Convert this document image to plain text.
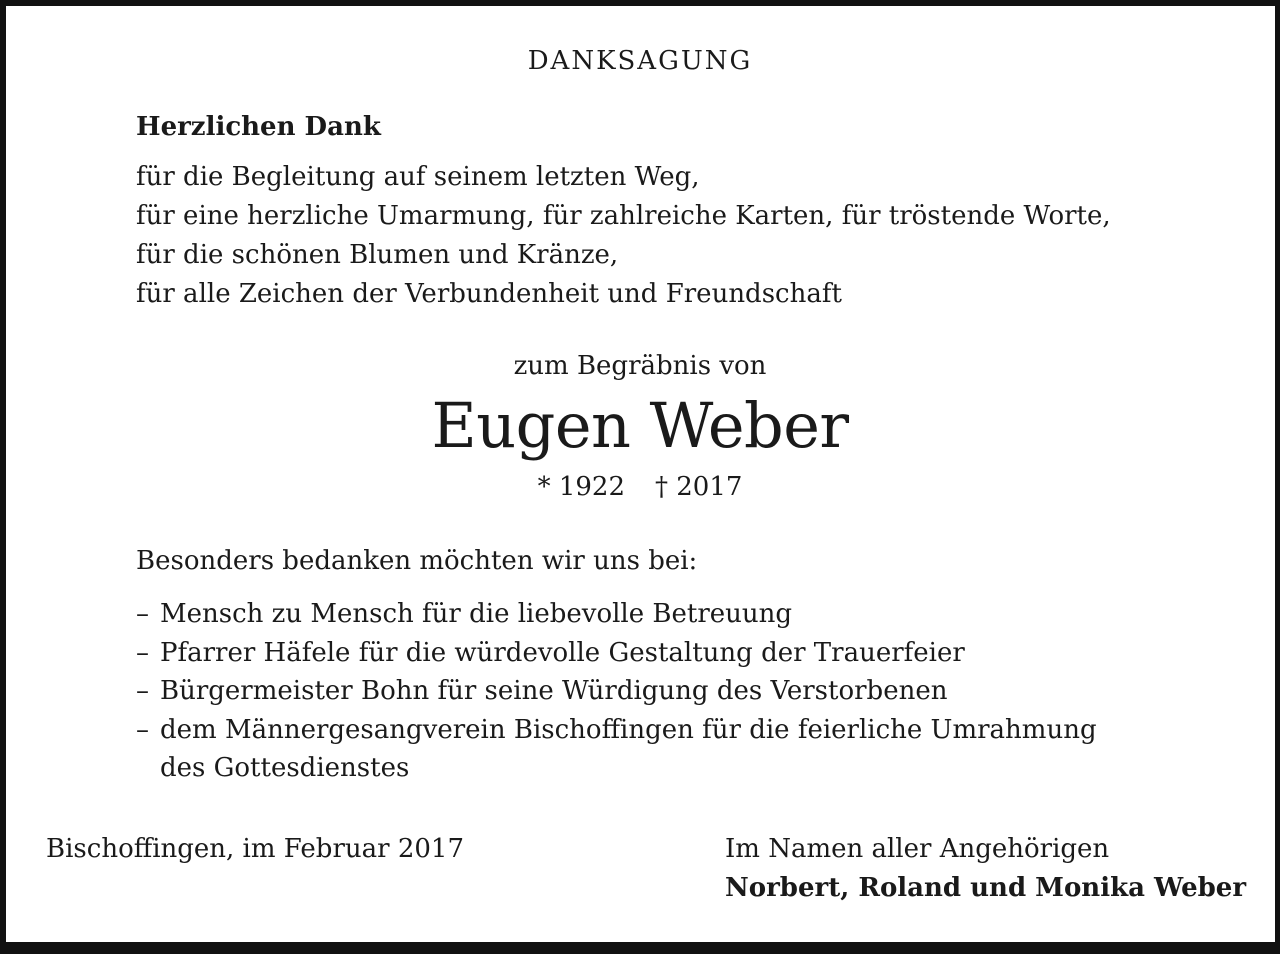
DANKSAGUNG
Herzlichen Dank
für die Begleitung auf seinem letzten Weg,
für eine herzliche Umarmung, für zahlreiche Karten, für tröstende Worte,
für die schönen Blumen und Kränze,
für alle Zeichen der Verbundenheit und Freundschaft
zum Begräbnis von
Eugen Weber
* 1922 † 2017
Besonders bedanken möchten wir uns bei:
– Mensch zu Mensch für die liebevolle Betreuung
– Pfarrer Häfele für die würdevolle Gestaltung der Trauerfeier
– Bürgermeister Bohn für seine Würdigung des Verstorbenen
– dem Männergesangverein Bischoffingen für die feierliche Umrahmung
des Gottesdienstes
Bischoffingen, im Februar 2017	Im Namen aller Angehörigen
Norbert, Roland und Monika Weber
